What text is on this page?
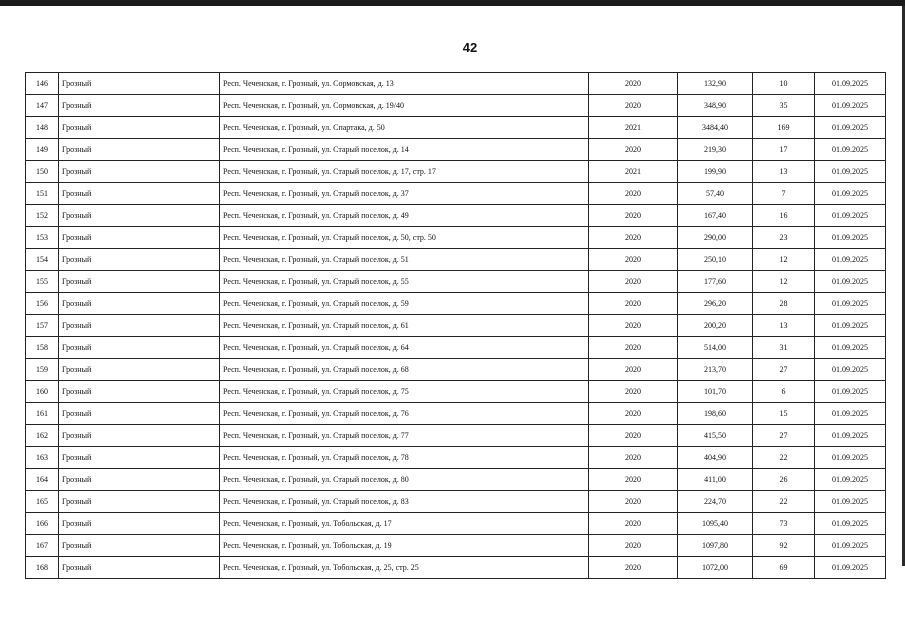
42
146	Грозный	Респ. Чеченская, г. Грозный, ул. Сормовская, д. 13	2020	132,90	10	01.09.2025
147	Грозный	Респ. Чеченская, г. Грозный, ул. Сормовская, д. 19/40	2020	348,90	35	01.09.2025
148	Грозный	Респ. Чеченская, г. Грозный, ул. Спартака, д. 50	2021	3484,40	169	01.09.2025
149	Грозный	Респ. Чеченская, г. Грозный, ул. Старый поселок, д. 14	2020	219,30	17	01.09.2025
150	Грозный	Респ. Чеченская, г. Грозный, ул. Старый поселок, д. 17, стр. 17	2021	199,90	13	01.09.2025
151	Грозный	Респ. Чеченская, г. Грозный, ул. Старый поселок, д. 37	2020	57,40	7	01.09.2025
152	Грозный	Респ. Чеченская, г. Грозный, ул. Старый поселок, д. 49	2020	167,40	16	01.09.2025
153	Грозный	Респ. Чеченская, г. Грозный, ул. Старый поселок, д. 50, стр. 50	2020	290,00	23	01.09.2025
154	Грозный	Респ. Чеченская, г. Грозный, ул. Старый поселок, д. 51	2020	250,10	12	01.09.2025
155	Грозный	Респ. Чеченская, г. Грозный, ул. Старый поселок, д. 55	2020	177,60	12	01.09.2025
156	Грозный	Респ. Чеченская, г. Грозный, ул. Старый поселок, д. 59	2020	296,20	28	01.09.2025
157	Грозный	Респ. Чеченская, г. Грозный, ул. Старый поселок, д. 61	2020	200,20	13	01.09.2025
158	Грозный	Респ. Чеченская, г. Грозный, ул. Старый поселок, д. 64	2020	514,00	31	01.09.2025
159	Грозный	Респ. Чеченская, г. Грозный, ул. Старый поселок, д. 68	2020	213,70	27	01.09.2025
160	Грозный	Респ. Чеченская, г. Грозный, ул. Старый поселок, д. 75	2020	101,70	6	01.09.2025
161	Грозный	Респ. Чеченская, г. Грозный, ул. Старый поселок, д. 76	2020	198,60	15	01.09.2025
162	Грозный	Респ. Чеченская, г. Грозный, ул. Старый поселок, д. 77	2020	415,50	27	01.09.2025
163	Грозный	Респ. Чеченская, г. Грозный, ул. Старый поселок, д. 78	2020	404,90	22	01.09.2025
164	Грозный	Респ. Чеченская, г. Грозный, ул. Старый поселок, д. 80	2020	411,00	26	01.09.2025
165	Грозный	Респ. Чеченская, г. Грозный, ул. Старый поселок, д. 83	2020	224,70	22	01.09.2025
166	Грозный	Респ. Чеченская, г. Грозный, ул. Тобольская, д. 17	2020	1095,40	73	01.09.2025
167	Грозный	Респ. Чеченская, г. Грозный, ул. Тобольская, д. 19	2020	1097,80	92	01.09.2025
168	Грозный	Респ. Чеченская, г. Грозный, ул. Тобольская, д. 25, стр. 25	2020	1072,00	69	01.09.2025
